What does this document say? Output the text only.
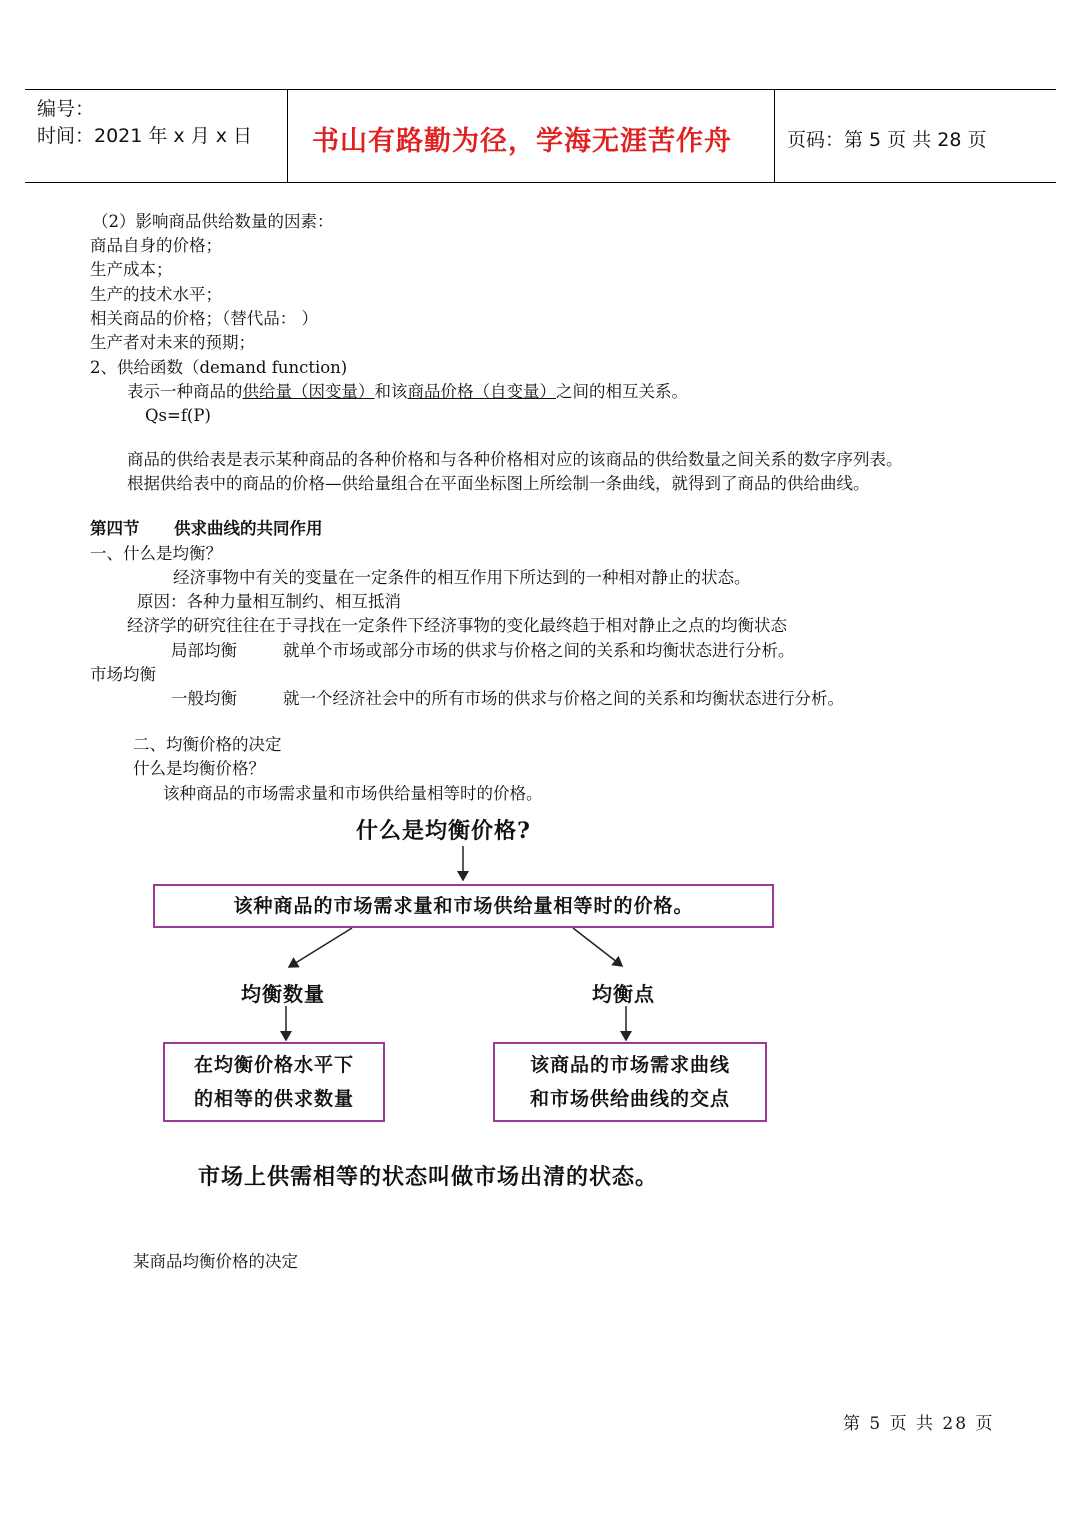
编号：
时间：2021 年 x 月 x 日 书山有路勤为径，学海无涯苦作舟	页码：第 5 页 共 28 页
（2）影响商品供给数量的因素：
商品自身的价格；
生产成本；
生产的技术水平；
相关商品的价格；（替代品： ）
生产者对未来的预期；
2、供给函数（demand function)
表示一种商品的供给量（因变量）和该商品价格（自变量）之间的相互关系。
Qs=f(P)
商品的供给表是表示某种商品的各种价格和与各种价格相对应的该商品的供给数量之间关系的数字序列表。
根据供给表中的商品的价格—供给量组合在平面坐标图上所绘制一条曲线，就得到了商品的供给曲线。
第四节      供求曲线的共同作用
一、什么是均衡？
经济事物中有关的变量在一定条件的相互作用下所达到的一种相对静止的状态。
原因：各种力量相互制约、相互抵消
经济学的研究往往在于寻找在一定条件下经济事物的变化最终趋于相对静止之点的均衡状态
局部均衡	就单个市场或部分市场的供求与价格之间的关系和均衡状态进行分析。
市场均衡
一般均衡	就一个经济社会中的所有市场的供求与价格之间的关系和均衡状态进行分析。
二、均衡价格的决定
什么是均衡价格？
该种商品的市场需求量和市场供给量相等时的价格。
什么是均衡价格?
该种商品的市场需求量和市场供给量相等时的价格。
均衡数量	均衡点
在均衡价格水平下
的相等的供求数量
该商品的市场需求曲线
和市场供给曲线的交点
市场上供需相等的状态叫做市场出清的状态。
某商品均衡价格的决定
第 5 页 共 28 页
